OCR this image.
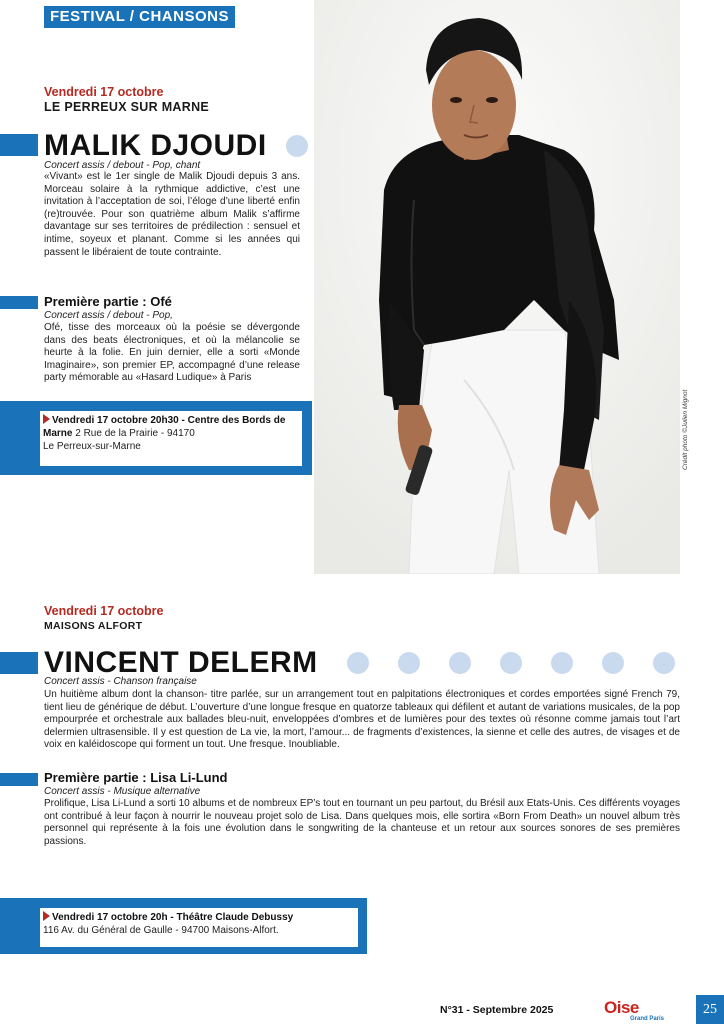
FESTIVAL / CHANSONS
Vendredi 17 octobre
LE PERREUX SUR MARNE
MALIK DJOUDI
Concert assis / debout - Pop, chant
«Vivant» est le 1er single de Malik Djoudi depuis 3 ans. Morceau solaire à la rythmique addictive, c’est une invitation à l’acceptation de soi, l’éloge d’une liberté enfin (re)trouvée. Pour son quatrième album Malik s’affirme davantage sur ses territoires de prédilection : sensuel et intime, soyeux et planant. Comme si les années qui passent le libéraient de toute contrainte.
Première partie : Ofé
Concert assis / debout - Pop,
Ofé, tisse des morceaux où la poésie se dévergonde dans des beats électroniques, et où la mélancolie se heurte à la folie. En juin dernier, elle a sorti «Monde Imaginaire», son premier EP, accompagné d’une release party mémorable au «Hasard Ludique» à Paris
Vendredi 17 octobre 20h30 - Centre des Bords de Marne 2 Rue de la Prairie - 94170
Le Perreux-sur-Marne	Crédit photo ©Julien Mignot
Vendredi 17 octobre
MAISONS ALFORT
VINCENT DELERM
Concert assis - Chanson française
Un huitième album dont la chanson- titre parlée, sur un arrangement tout en palpitations électroniques et cordes emportées signé French 79, tient lieu de générique de début. L’ouverture d’une longue fresque en quatorze tableaux qui défilent et autant de variations musicales, de la pop empourprée et orchestrale aux ballades bleu-nuit, enveloppées d’ombres et de lumières pour des textes où résonne comme jamais tout l’art delermien ultrasensible. Il y est question de La vie, la mort, l’amour... de fragments d’existences, la sienne et celle des autres, de visages et de voix en kaléidoscope qui forment un tout. Une fresque. Inoubliable.
Première partie : Lisa Li-Lund
Concert assis - Musique alternative
Prolifique, Lisa Li-Lund a sorti 10 albums et de nombreux EP’s tout en tournant un peu partout, du Brésil aux Etats-Unis. Ces différents voyages ont contribué à leur façon à nourrir le nouveau projet solo de Lisa. Dans quelques mois, elle sortira «Born From Death» un nouvel album très personnel qui représente à la fois une évolution dans le songwriting de la chanteuse et un retour aux sources sonores de ses premières passions.
Vendredi 17 octobre 20h - Théâtre Claude Debussy
116 Av. du Général de Gaulle - 94700 Maisons-Alfort.
N°31 - Septembre 2025	Oise
Grand Paris
25
